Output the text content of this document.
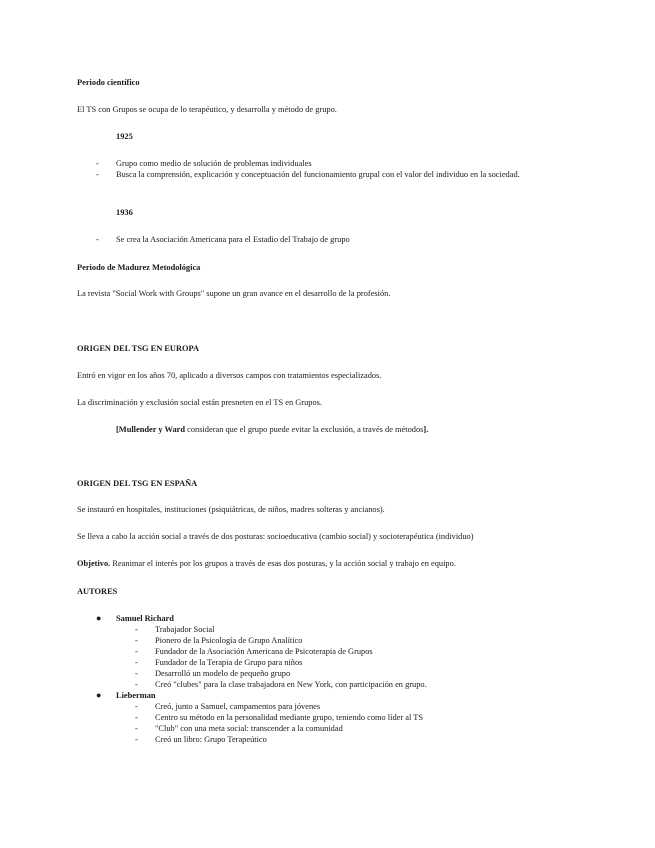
Periodo científico
El TS con Grupos se ocupa de lo terapéutico, y desarrolla y método de grupo.
1925
- Grupo como medio de solución de problemas individuales
- Busca la comprensión, explicación y conceptuación del funcionamiento grupal con el valor del individuo en la sociedad.
1936
- Se crea la Asociación Americana para el Estadio del Trabajo de grupo
Periodo de Madurez Metodológica
La revista "Social Work with Groups" supone un gran avance en el desarrollo de la profesión.
ORIGEN DEL TSG EN EUROPA
Entró en vigor en los años 70, aplicado a diversos campos con tratamientos especializados.
La discriminación y exclusión social están presneten en el TS en Grupos.
[Mullender y Ward consideran que el grupo puede evitar la exclusión, a través de métodos].
ORIGEN DEL TSG EN ESPAÑA
Se instauró en hospitales, instituciones (psiquiátricas, de niños, madres solteras y ancianos).
Se lleva a cabo la acción social a través de dos posturas: socioeducativa (cambio social) y socioterapéutica (individuo)
Objetivo. Reanimar el interés por los grupos a través de esas dos posturas, y la acción social y trabajo en equipo.
AUTORES
● Samuel Richard
- Trabajador Social
- Pionero de la Psicología de Grupo Analítico
- Fundador de la Asociación Americana de Psicoterapia de Grupos
- Fundador de la Terapia de Grupo para niños
- Desarrolló un modelo de pequeño grupo
- Creó "clubes" para la clase trabajadora en New York, con participación en grupo.
● Lieberman
- Creó, junto a Samuel, campamentos para jóvenes
- Centro su método en la personalidad mediante grupo, teniendo como líder al TS
- "Club" con una meta social: transcender a la comunidad
- Creó un libro: Grupo Terapeútico
